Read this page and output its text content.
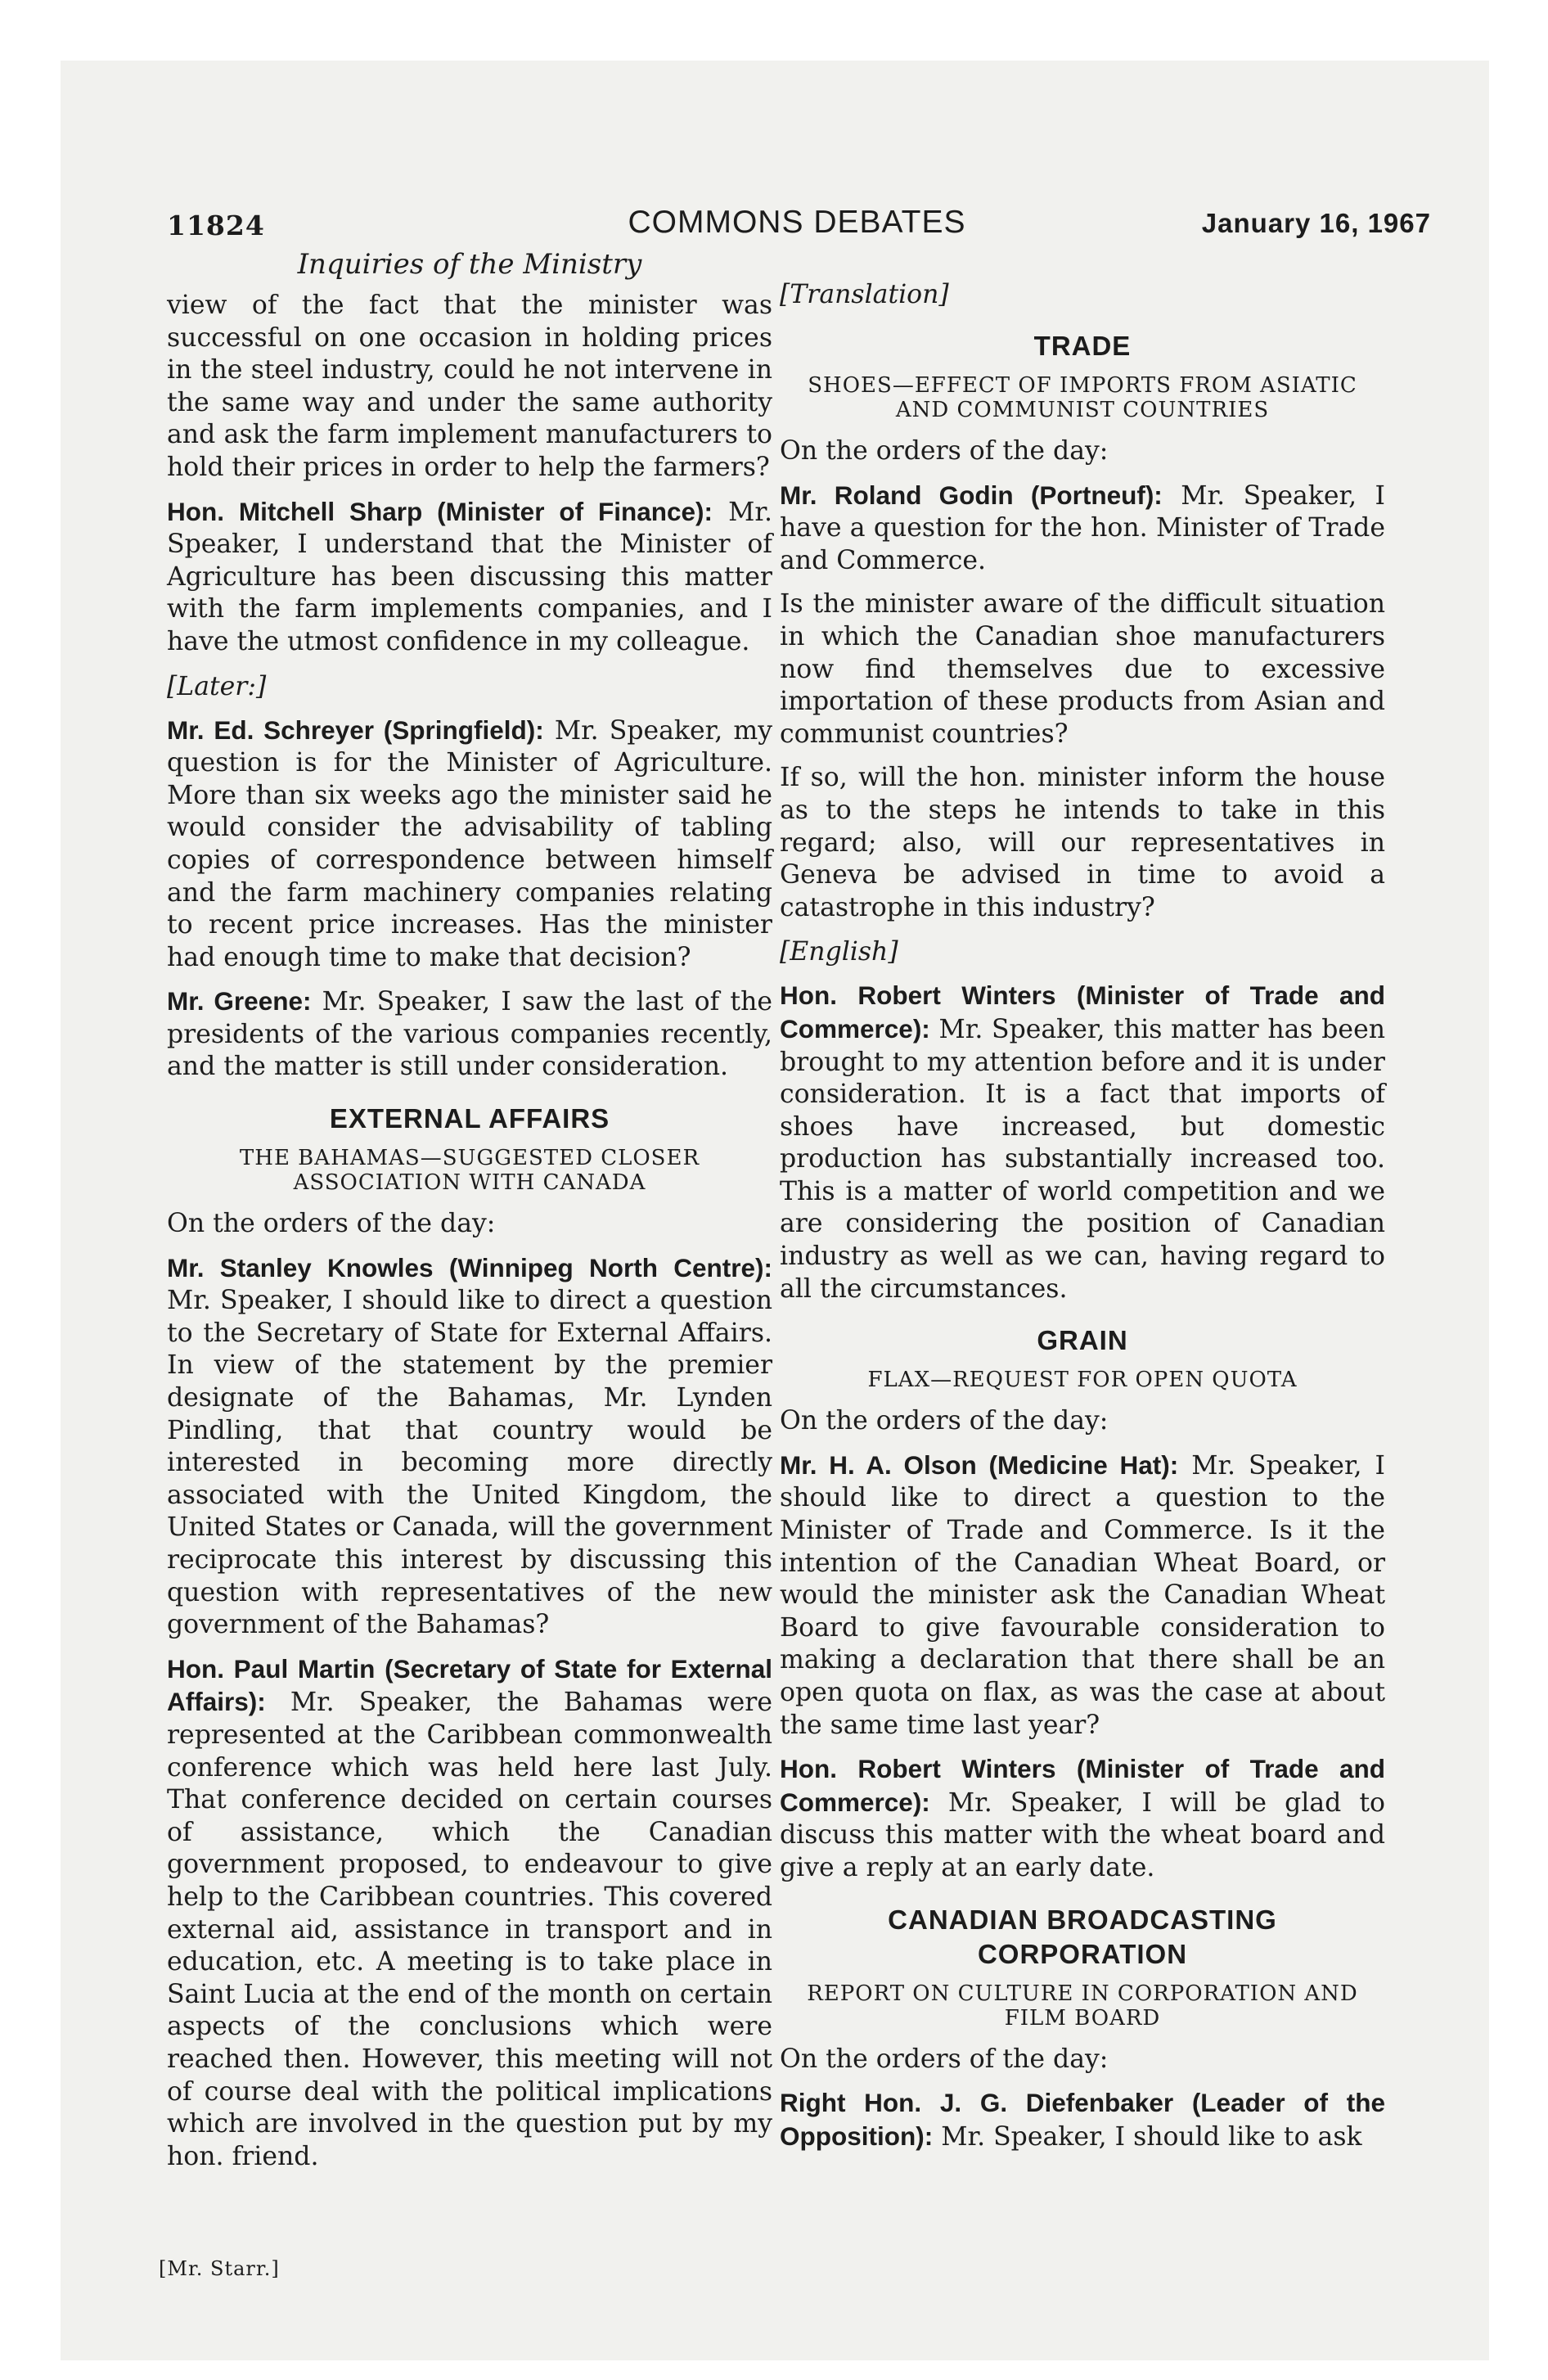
11824	COMMONS DEBATES	January 16, 1967
Inquiries of the Ministry

view of the fact that the minister was successful on one occasion in holding prices in the steel industry, could he not intervene in the same way and under the same authority and ask the farm implement manufacturers to hold their prices in order to help the farmers?

Hon. Mitchell Sharp (Minister of Finance): Mr. Speaker, I understand that the Minister of Agriculture has been discussing this matter with the farm implements companies, and I have the utmost confidence in my colleague.

[Later:]

Mr. Ed. Schreyer (Springfield): Mr. Speaker, my question is for the Minister of Agriculture. More than six weeks ago the minister said he would consider the advisability of tabling copies of correspondence between himself and the farm machinery companies relating to recent price increases. Has the minister had enough time to make that decision?

Mr. Greene: Mr. Speaker, I saw the last of the presidents of the various companies recently, and the matter is still under consideration.

EXTERNAL AFFAIRS
THE BAHAMAS—SUGGESTED CLOSER ASSOCIATION WITH CANADA

On the orders of the day:

Mr. Stanley Knowles (Winnipeg North Centre): Mr. Speaker, I should like to direct a question to the Secretary of State for External Affairs. In view of the statement by the premier designate of the Bahamas, Mr. Lynden Pindling, that that country would be interested in becoming more directly associated with the United Kingdom, the United States or Canada, will the government reciprocate this interest by discussing this question with representatives of the new government of the Bahamas?

Hon. Paul Martin (Secretary of State for External Affairs): Mr. Speaker, the Bahamas were represented at the Caribbean commonwealth conference which was held here last July. That conference decided on certain courses of assistance, which the Canadian government proposed, to endeavour to give help to the Caribbean countries. This covered external aid, assistance in transport and in education, etc. A meeting is to take place in Saint Lucia at the end of the month on certain aspects of the conclusions which were reached then. However, this meeting will not of course deal with the political implications which are involved in the question put by my hon. friend.

[Mr. Starr.]
[Translation]
TRADE
SHOES—EFFECT OF IMPORTS FROM ASIATIC AND COMMUNIST COUNTRIES

On the orders of the day:

Mr. Roland Godin (Portneuf): Mr. Speaker, I have a question for the hon. Minister of Trade and Commerce.

Is the minister aware of the difficult situation in which the Canadian shoe manufacturers now find themselves due to excessive importation of these products from Asian and communist countries?

If so, will the hon. minister inform the house as to the steps he intends to take in this regard; also, will our representatives in Geneva be advised in time to avoid a catastrophe in this industry?

[English]

Hon. Robert Winters (Minister of Trade and Commerce): Mr. Speaker, this matter has been brought to my attention before and it is under consideration. It is a fact that imports of shoes have increased, but domestic production has substantially increased too. This is a matter of world competition and we are considering the position of Canadian industry as well as we can, having regard to all the circumstances.

GRAIN
FLAX—REQUEST FOR OPEN QUOTA

On the orders of the day:

Mr. H. A. Olson (Medicine Hat): Mr. Speaker, I should like to direct a question to the Minister of Trade and Commerce. Is it the intention of the Canadian Wheat Board, or would the minister ask the Canadian Wheat Board to give favourable consideration to making a declaration that there shall be an open quota on flax, as was the case at about the same time last year?

Hon. Robert Winters (Minister of Trade and Commerce): Mr. Speaker, I will be glad to discuss this matter with the wheat board and give a reply at an early date.

CANADIAN BROADCASTING CORPORATION
REPORT ON CULTURE IN CORPORATION AND FILM BOARD

On the orders of the day:

Right Hon. J. G. Diefenbaker (Leader of the Opposition): Mr. Speaker, I should like to ask
